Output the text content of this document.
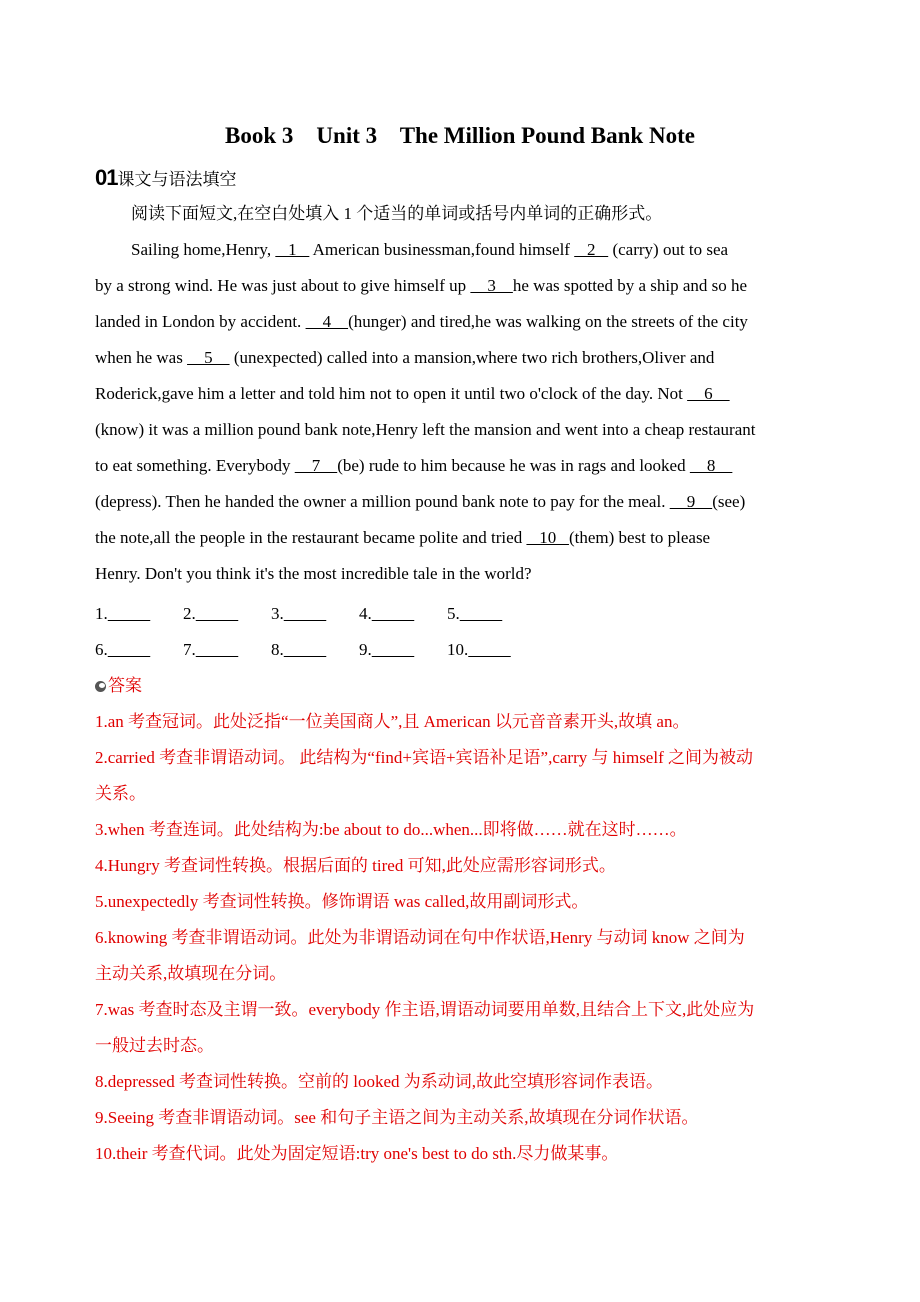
Book 3    Unit 3    The Million Pound Bank Note
01课文与语法填空
阅读下面短文,在空白处填入 1 个适当的单词或括号内单词的正确形式。
Sailing home,Henry,    1    American businessman,found himself    2    (carry) out to sea
by a strong wind. He was just about to give himself up     3    he was spotted by a ship and so he
landed in London by accident.     4    (hunger) and tired,he was walking on the streets of the city
when he was     5     (unexpected) called into a mansion,where two rich brothers,Oliver and
Roderick,gave him a letter and told him not to open it until two o'clock of the day. Not     6
(know) it was a million pound bank note,Henry left the mansion and went into a cheap restaurant
to eat something. Everybody     7    (be) rude to him because he was in rags and looked     8
(depress). Then he handed the owner a million pound bank note to pay for the meal.     9    (see)
the note,all the people in the restaurant became polite and tried    10   (them) best to please
Henry. Don't you think it's the most incredible tale in the world?
1.	2.	3.	4.	5.
6.	7.	8.	9.	10.
答案
1.an 考查冠词。此处泛指“一位美国商人”,且 American 以元音音素开头,故填 an。
2.carried 考查非谓语动词。 此结构为“find+宾语+宾语补足语”,carry 与 himself 之间为被动
关系。
3.when 考查连词。此处结构为:be about to do...when...即将做……就在这时……。
4.Hungry 考查词性转换。根据后面的 tired 可知,此处应需形容词形式。
5.unexpectedly 考查词性转换。修饰谓语 was called,故用副词形式。
6.knowing 考查非谓语动词。此处为非谓语动词在句中作状语,Henry 与动词 know 之间为
主动关系,故填现在分词。
7.was 考查时态及主谓一致。everybody 作主语,谓语动词要用单数,且结合上下文,此处应为
一般过去时态。
8.depressed 考查词性转换。空前的 looked 为系动词,故此空填形容词作表语。
9.Seeing 考查非谓语动词。see 和句子主语之间为主动关系,故填现在分词作状语。
10.their 考查代词。此处为固定短语:try one's best to do sth.尽力做某事。
